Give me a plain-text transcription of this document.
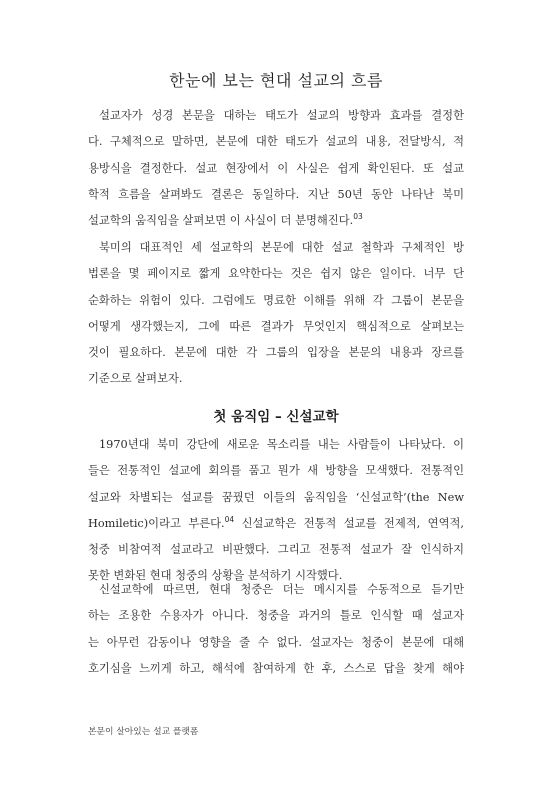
한눈에 보는 현대 설교의 흐름

설교자가 성경 본문을 대하는 태도가 설교의 방향과 효과를 결정한
다. 구체적으로 말하면, 본문에 대한 태도가 설교의 내용, 전달방식, 적
용방식을 결정한다. 설교 현장에서 이 사실은 쉽게 확인된다. 또 설교
학적 흐름을 살펴봐도 결론은 동일하다. 지난 50년 동안 나타난 북미
설교학의 움직임을 살펴보면 이 사실이 더 분명해진다.$^{03}$

북미의 대표적인 세 설교학의 본문에 대한 설교 철학과 구체적인 방
법론을 몇 페이지로 짧게 요약한다는 것은 쉽지 않은 일이다. 너무 단
순화하는 위험이 있다. 그럼에도 명료한 이해를 위해 각 그룹이 본문을
어떻게 생각했는지, 그에 따른 결과가 무엇인지 핵심적으로 살펴보는
것이 필요하다. 본문에 대한 각 그룹의 입장을 본문의 내용과 장르를
기준으로 살펴보자.

첫 움직임 – 신설교학

1970년대 북미 강단에 새로운 목소리를 내는 사람들이 나타났다. 이
들은 전통적인 설교에 회의를 품고 뭔가 새 방향을 모색했다. 전통적인
설교와 차별되는 설교를 꿈꿨던 이들의 움직임을 ‘신설교학’(the New
Homiletic)이라고 부른다.$^{04}$ 신설교학은 전통적 설교를 전제적, 연역적,
청중 비참여적 설교라고 비판했다. 그리고 전통적 설교가 잘 인식하지
못한 변화된 현대 청중의 상황을 분석하기 시작했다.

신설교학에 따르면, 현대 청중은 더는 메시지를 수동적으로 듣기만
하는 조용한 수용자가 아니다. 청중을 과거의 틀로 인식할 때 설교자
는 아무런 감동이나 영향을 줄 수 없다. 설교자는 청중이 본문에 대해
호기심을 느끼게 하고, 해석에 참여하게 한 후, 스스로 답을 찾게 해야

본문이 살아있는 설교 플랫폼
